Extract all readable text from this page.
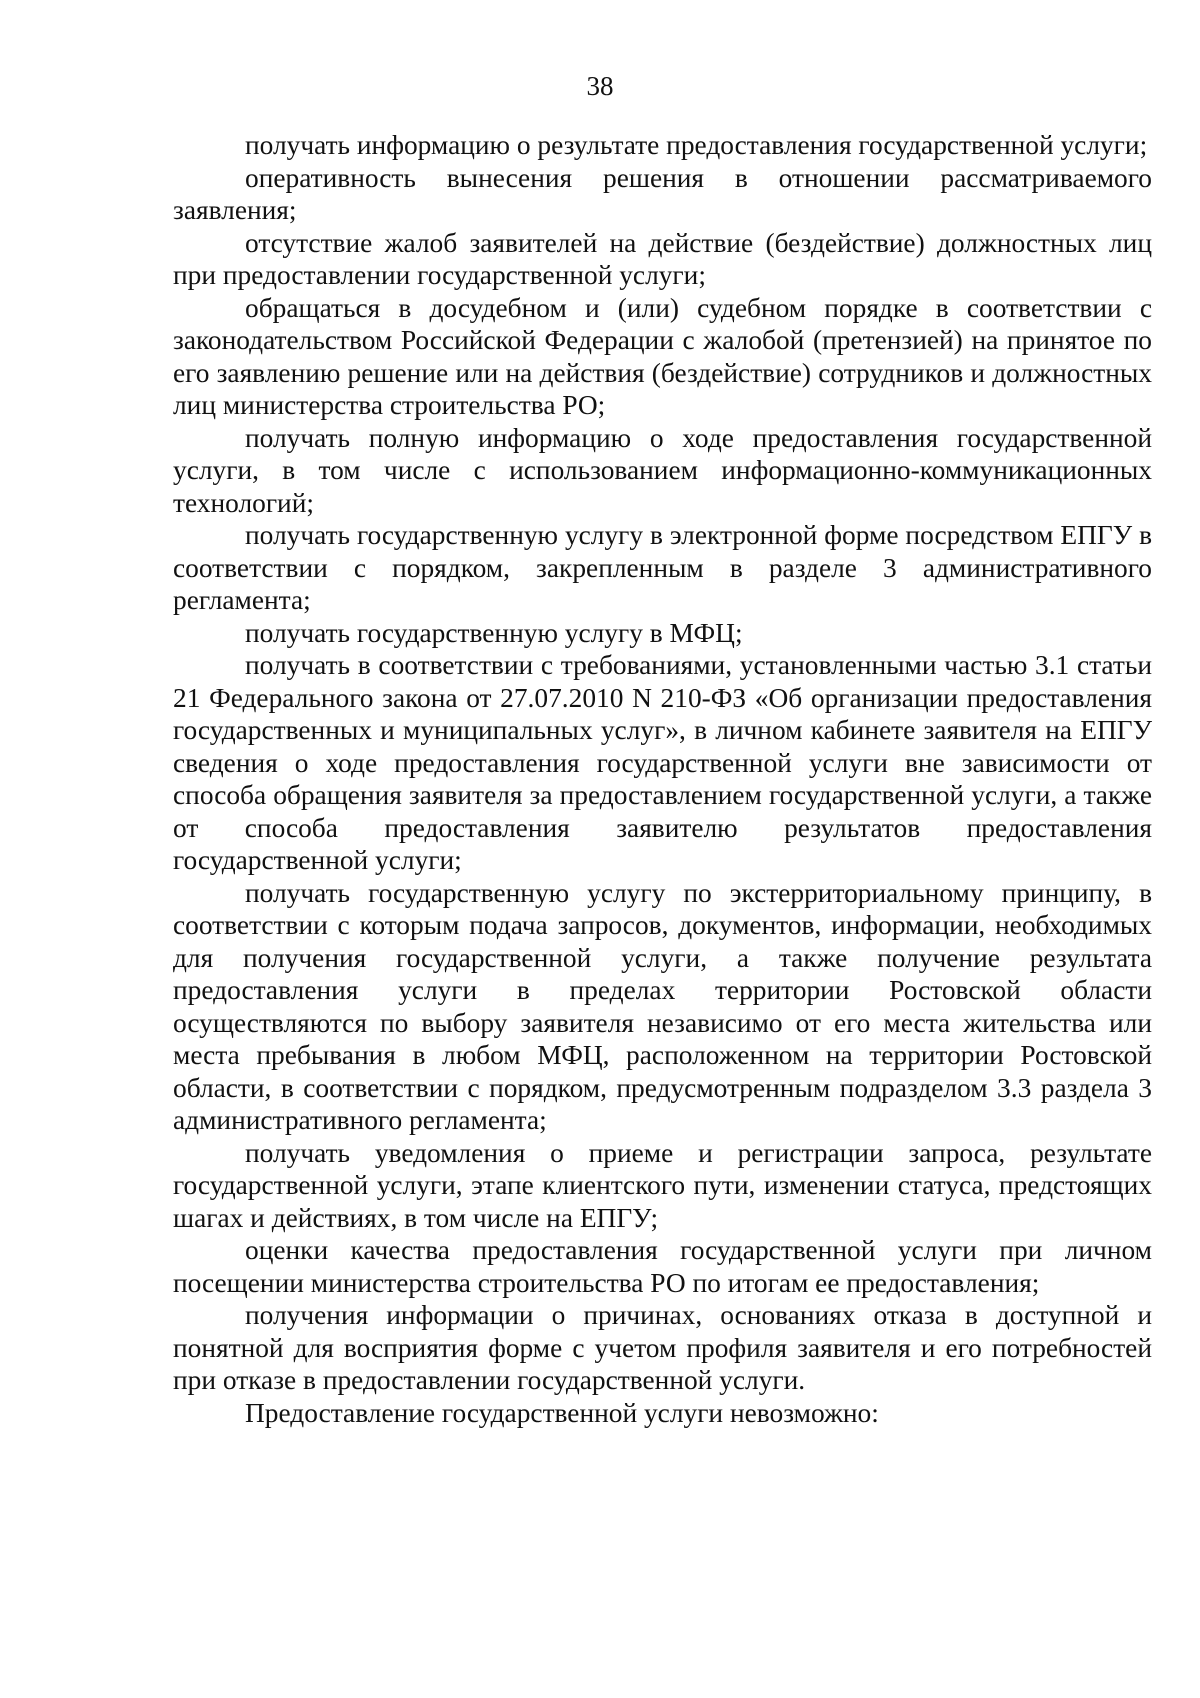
38

получать информацию о результате предоставления государственной услуги;

оперативность вынесения решения в отношении рассматриваемого заявления;

отсутствие жалоб заявителей на действие (бездействие) должностных лиц при предоставлении государственной услуги;

обращаться в досудебном и (или) судебном порядке в соответствии с законодательством Российской Федерации с жалобой (претензией) на принятое по его заявлению решение или на действия (бездействие) сотрудников и должностных лиц министерства строительства РО;

получать полную информацию о ходе предоставления государственной услуги, в том числе с использованием информационно-коммуникационных технологий;

получать государственную услугу в электронной форме посредством ЕПГУ в соответствии с порядком, закрепленным в разделе 3 административного регламента;

получать государственную услугу в МФЦ;

получать в соответствии с требованиями, установленными частью 3.1 статьи 21 Федерального закона от 27.07.2010 N 210-ФЗ «Об организации предоставления государственных и муниципальных услуг», в личном кабинете заявителя на ЕПГУ сведения о ходе предоставления государственной услуги вне зависимости от способа обращения заявителя за предоставлением государственной услуги, а также от способа предоставления заявителю результатов предоставления государственной услуги;

получать государственную услугу по экстерриториальному принципу, в соответствии с которым подача запросов, документов, информации, необходимых для получения государственной услуги, а также получение результата предоставления услуги в пределах территории Ростовской области осуществляются по выбору заявителя независимо от его места жительства или места пребывания в любом МФЦ, расположенном на территории Ростовской области, в соответствии с порядком, предусмотренным подразделом 3.3 раздела 3 административного регламента;

получать уведомления о приеме и регистрации запроса, результате государственной услуги, этапе клиентского пути, изменении статуса, предстоящих шагах и действиях, в том числе на ЕПГУ;

оценки качества предоставления государственной услуги при личном посещении министерства строительства РО по итогам ее предоставления;

получения информации о причинах, основаниях отказа в доступной и понятной для восприятия форме с учетом профиля заявителя и его потребностей при отказе в предоставлении государственной услуги.

Предоставление государственной услуги невозможно:
